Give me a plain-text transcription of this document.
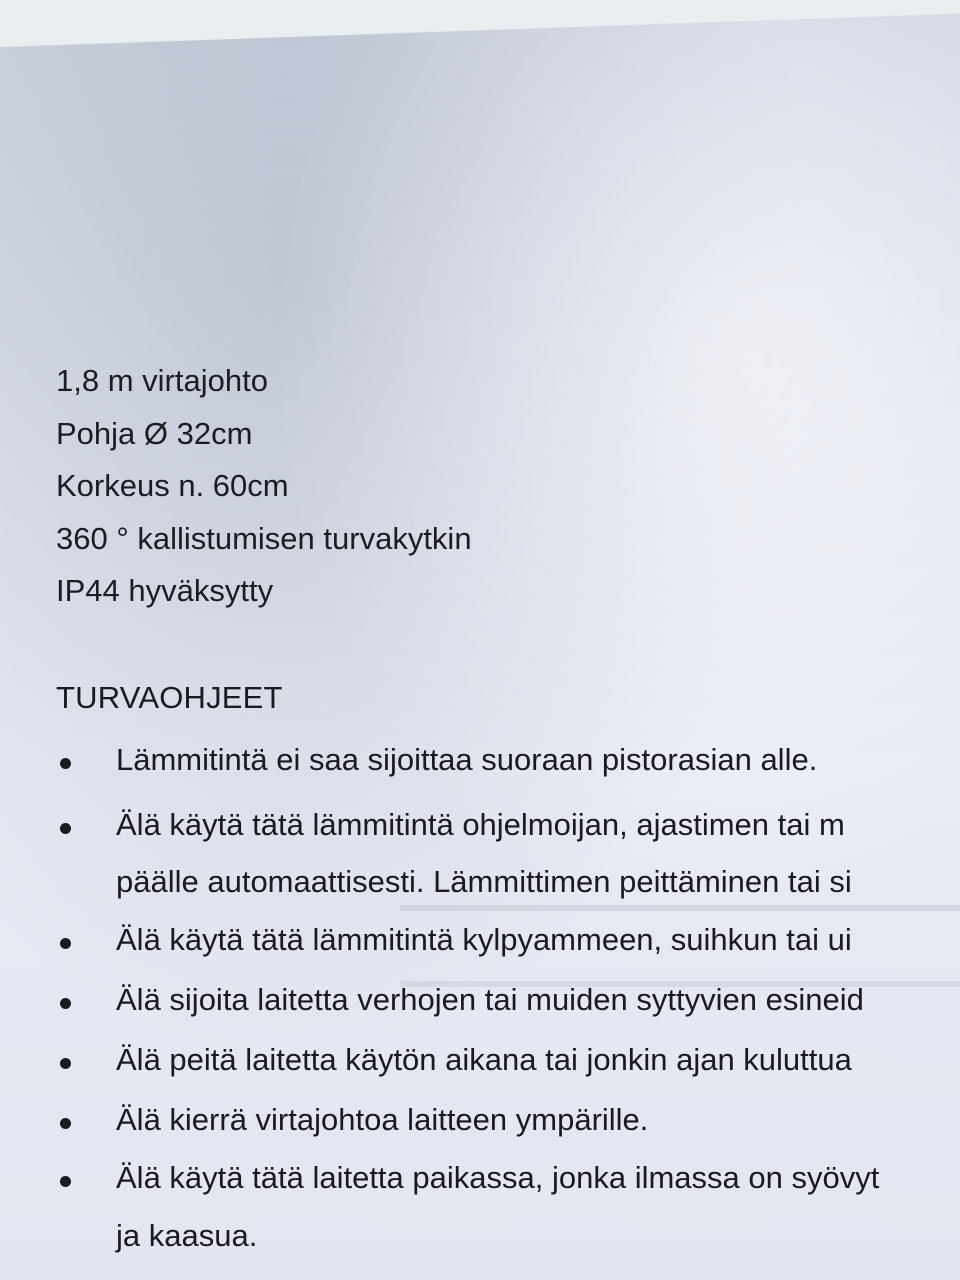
1,8 m virtajohto
Pohja Ø 32cm
Korkeus n. 60cm
360 ° kallistumisen turvakytkin
IP44 hyväksytty
TURVAOHJEET
Lämmitintä ei saa sijoittaa suoraan pistorasian alle.
Älä käytä tätä lämmitintä ohjelmoijan, ajastimen tai m
päälle automaattisesti. Lämmittimen peittäminen tai si
Älä käytä tätä lämmitintä kylpyammeen, suihkun tai ui
Älä sijoita laitetta verhojen tai muiden syttyvien esineid
Älä peitä laitetta käytön aikana tai jonkin ajan kuluttua
Älä kierrä virtajohtoa laitteen ympärille.
Älä käytä tätä laitetta paikassa, jonka ilmassa on syövyt
ja kaasua.
